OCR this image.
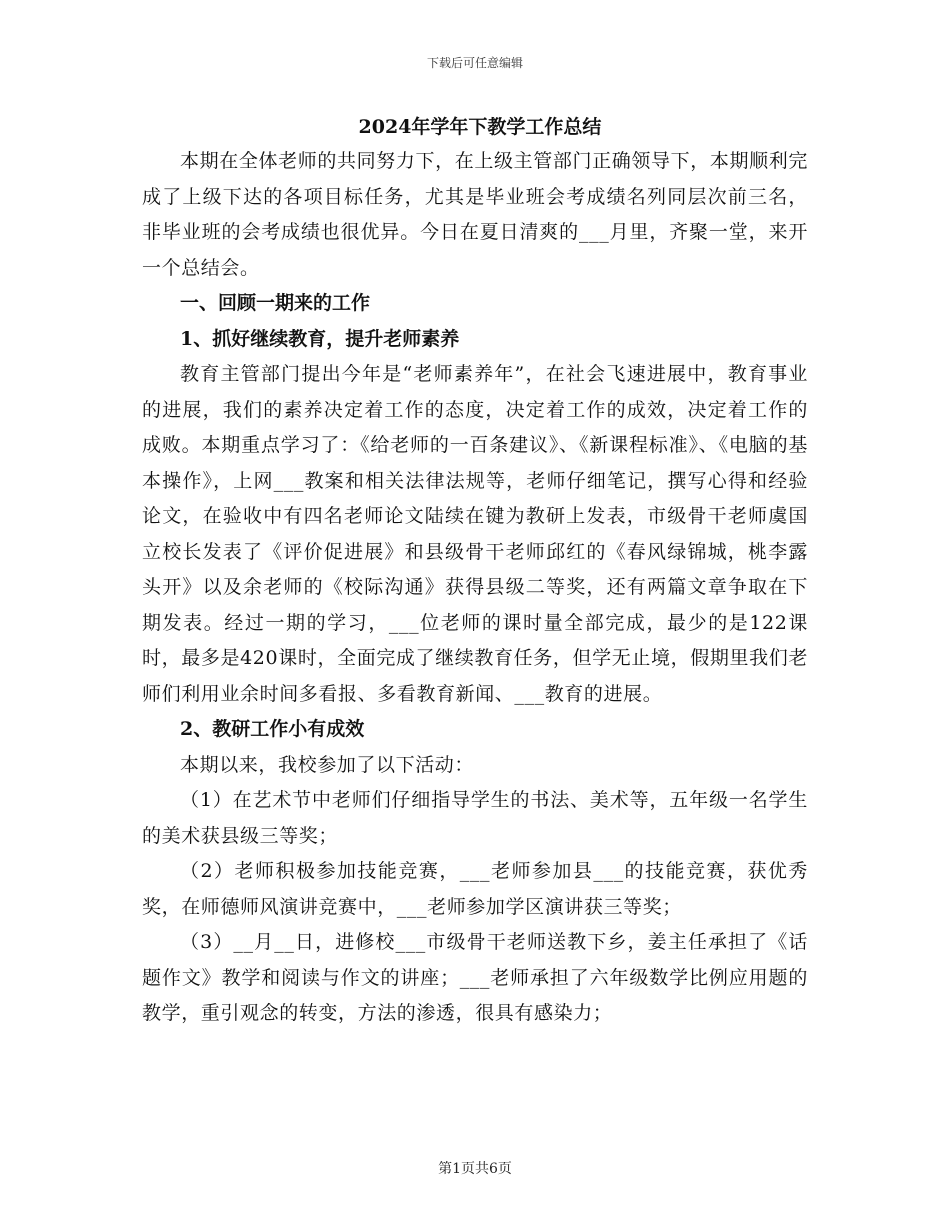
下载后可任意编辑
2024年学年下教学工作总结

本期在全体老师的共同努力下，在上级主管部门正确领导下，本期顺利完成了上级下达的各项目标任务，尤其是毕业班会考成绩名列同层次前三名，非毕业班的会考成绩也很优异。今日在夏日清爽的___月里，齐聚一堂，来开一个总结会。

一、回顾一期来的工作

1、抓好继续教育，提升老师素养

教育主管部门提出今年是“老师素养年”，在社会飞速进展中，教育事业的进展，我们的素养决定着工作的态度，决定着工作的成效，决定着工作的成败。本期重点学习了：《给老师的一百条建议》、《新课程标准》、《电脑的基本操作》，上网___教案和相关法律法规等，老师仔细笔记，撰写心得和经验论文，在验收中有四名老师论文陆续在键为教研上发表，市级骨干老师虞国立校长发表了《评价促进展》和县级骨干老师邱红的《春风绿锦城，桃李露头开》以及余老师的《校际沟通》获得县级二等奖，还有两篇文章争取在下期发表。经过一期的学习，___位老师的课时量全部完成，最少的是122课时，最多是420课时，全面完成了继续教育任务，但学无止境，假期里我们老师们利用业余时间多看报、多看教育新闻、___教育的进展。

2、教研工作小有成效

本期以来，我校参加了以下活动：

（1）在艺术节中老师们仔细指导学生的书法、美术等，五年级一名学生的美术获县级三等奖；

（2）老师积极参加技能竞赛，___老师参加县___的技能竞赛，获优秀奖，在师德师风演讲竞赛中，___老师参加学区演讲获三等奖；

（3）__月__日，进修校___市级骨干老师送教下乡，姜主任承担了《话题作文》教学和阅读与作文的讲座；___老师承担了六年级数学比例应用题的教学，重引观念的转变，方法的渗透，很具有感染力；

第1页共6页
